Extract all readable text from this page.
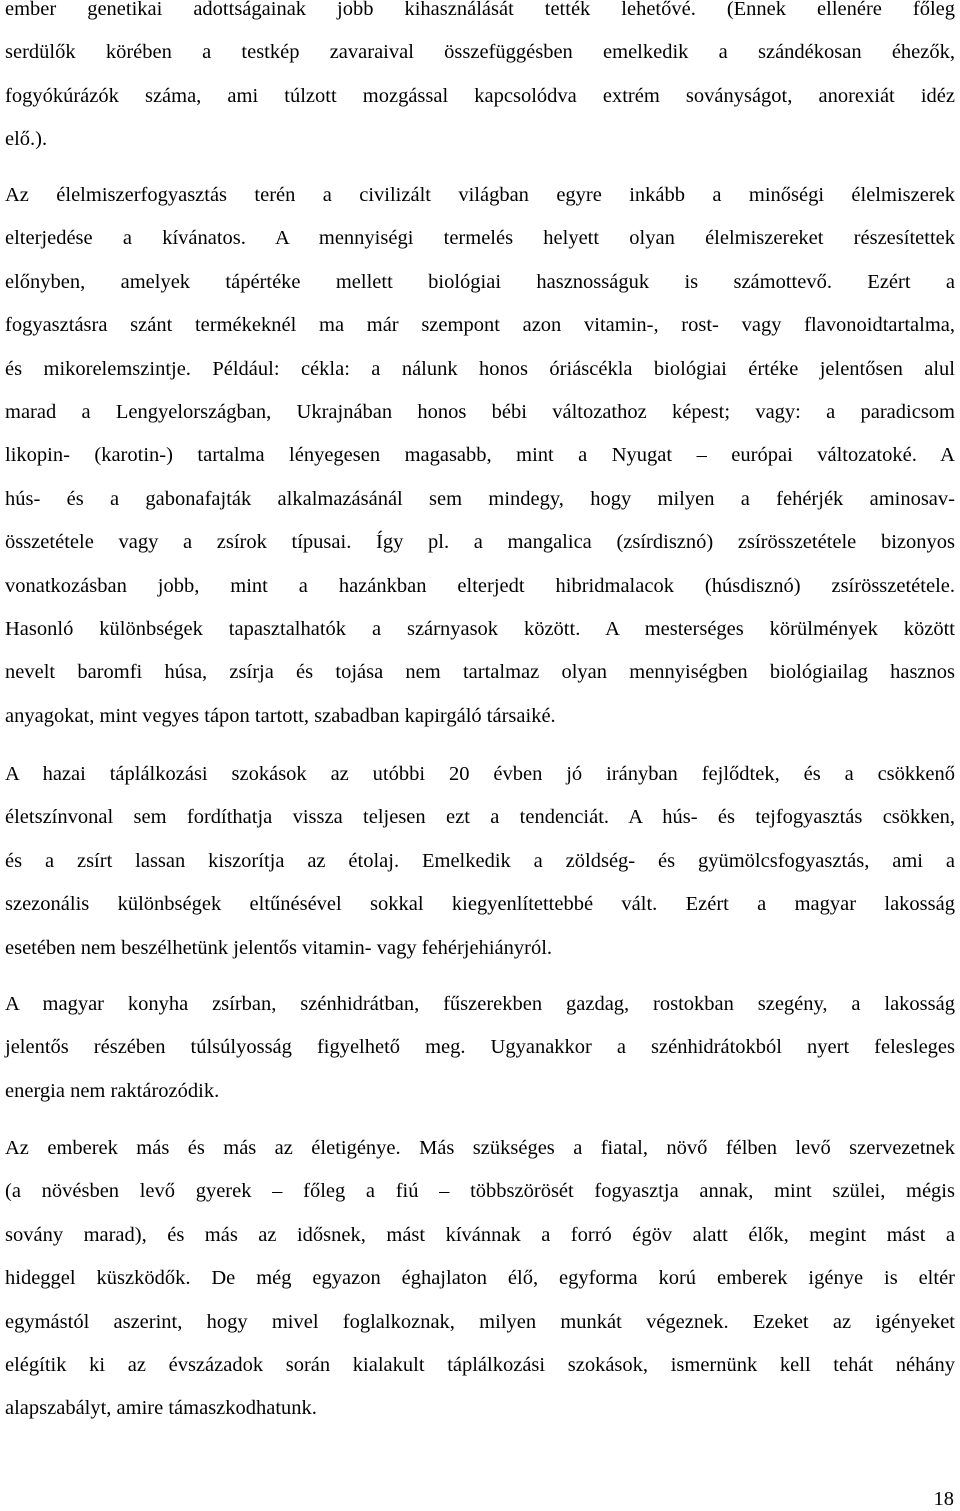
ember genetikai adottságainak jobb kihasználását tették lehetővé. (Ennek ellenére főleg
serdülők körében a testkép zavaraival összefüggésben emelkedik a szándékosan éhezők,
fogyókúrázók száma, ami túlzott mozgással kapcsolódva extrém soványságot, anorexiát idéz
elő.).
Az élelmiszerfogyasztás terén a civilizált világban egyre inkább a minőségi élelmiszerek
elterjedése a kívánatos. A mennyiségi termelés helyett olyan élelmiszereket részesítettek
előnyben, amelyek tápértéke mellett biológiai hasznosságuk is számottevő. Ezért a
fogyasztásra szánt termékeknél ma már szempont azon vitamin-, rost- vagy flavonoidtartalma,
és mikorelemszintje. Például: cékla: a nálunk honos óriáscékla biológiai értéke jelentősen alul
marad a Lengyelországban, Ukrajnában honos bébi változathoz képest; vagy: a paradicsom
likopin- (karotin-) tartalma lényegesen magasabb, mint a Nyugat – európai változatoké. A
hús- és a gabonafajták alkalmazásánál sem mindegy, hogy milyen a fehérjék aminosav-
összetétele vagy a zsírok típusai. Így pl. a mangalica (zsírdisznó) zsírösszetétele bizonyos
vonatkozásban jobb, mint a hazánkban elterjedt hibridmalacok (húsdisznó) zsírösszetétele.
Hasonló különbségek tapasztalhatók a szárnyasok között. A mesterséges körülmények között
nevelt baromfi húsa, zsírja és tojása nem tartalmaz olyan mennyiségben biológiailag hasznos
anyagokat, mint vegyes tápon tartott, szabadban kapirgáló társaiké.
A hazai táplálkozási szokások az utóbbi 20 évben jó irányban fejlődtek, és a csökkenő
életszínvonal sem fordíthatja vissza teljesen ezt a tendenciát. A hús- és tejfogyasztás csökken,
és a zsírt lassan kiszorítja az étolaj. Emelkedik a zöldség- és gyümölcsfogyasztás, ami a
szezonális különbségek eltűnésével sokkal kiegyenlítettebbé vált. Ezért a magyar lakosság
esetében nem beszélhetünk jelentős vitamin- vagy fehérjehiányról.
A magyar konyha zsírban, szénhidrátban, fűszerekben gazdag, rostokban szegény, a lakosság
jelentős részében túlsúlyosság figyelhető meg. Ugyanakkor a szénhidrátokból nyert felesleges
energia nem raktározódik.
Az emberek más és más az életigénye. Más szükséges a fiatal, növő félben levő szervezetnek
(a növésben levő gyerek – főleg a fiú – többszörösét fogyasztja annak, mint szülei, mégis
sovány marad), és más az idősnek, mást kívánnak a forró égöv alatt élők, megint mást a
hideggel küszködők. De még egyazon éghajlaton élő, egyforma korú emberek igénye is eltér
egymástól aszerint, hogy mivel foglalkoznak, milyen munkát végeznek. Ezeket az igényeket
elégítik ki az évszázadok során kialakult táplálkozási szokások, ismernünk kell tehát néhány
alapszabályt, amire támaszkodhatunk.
18
